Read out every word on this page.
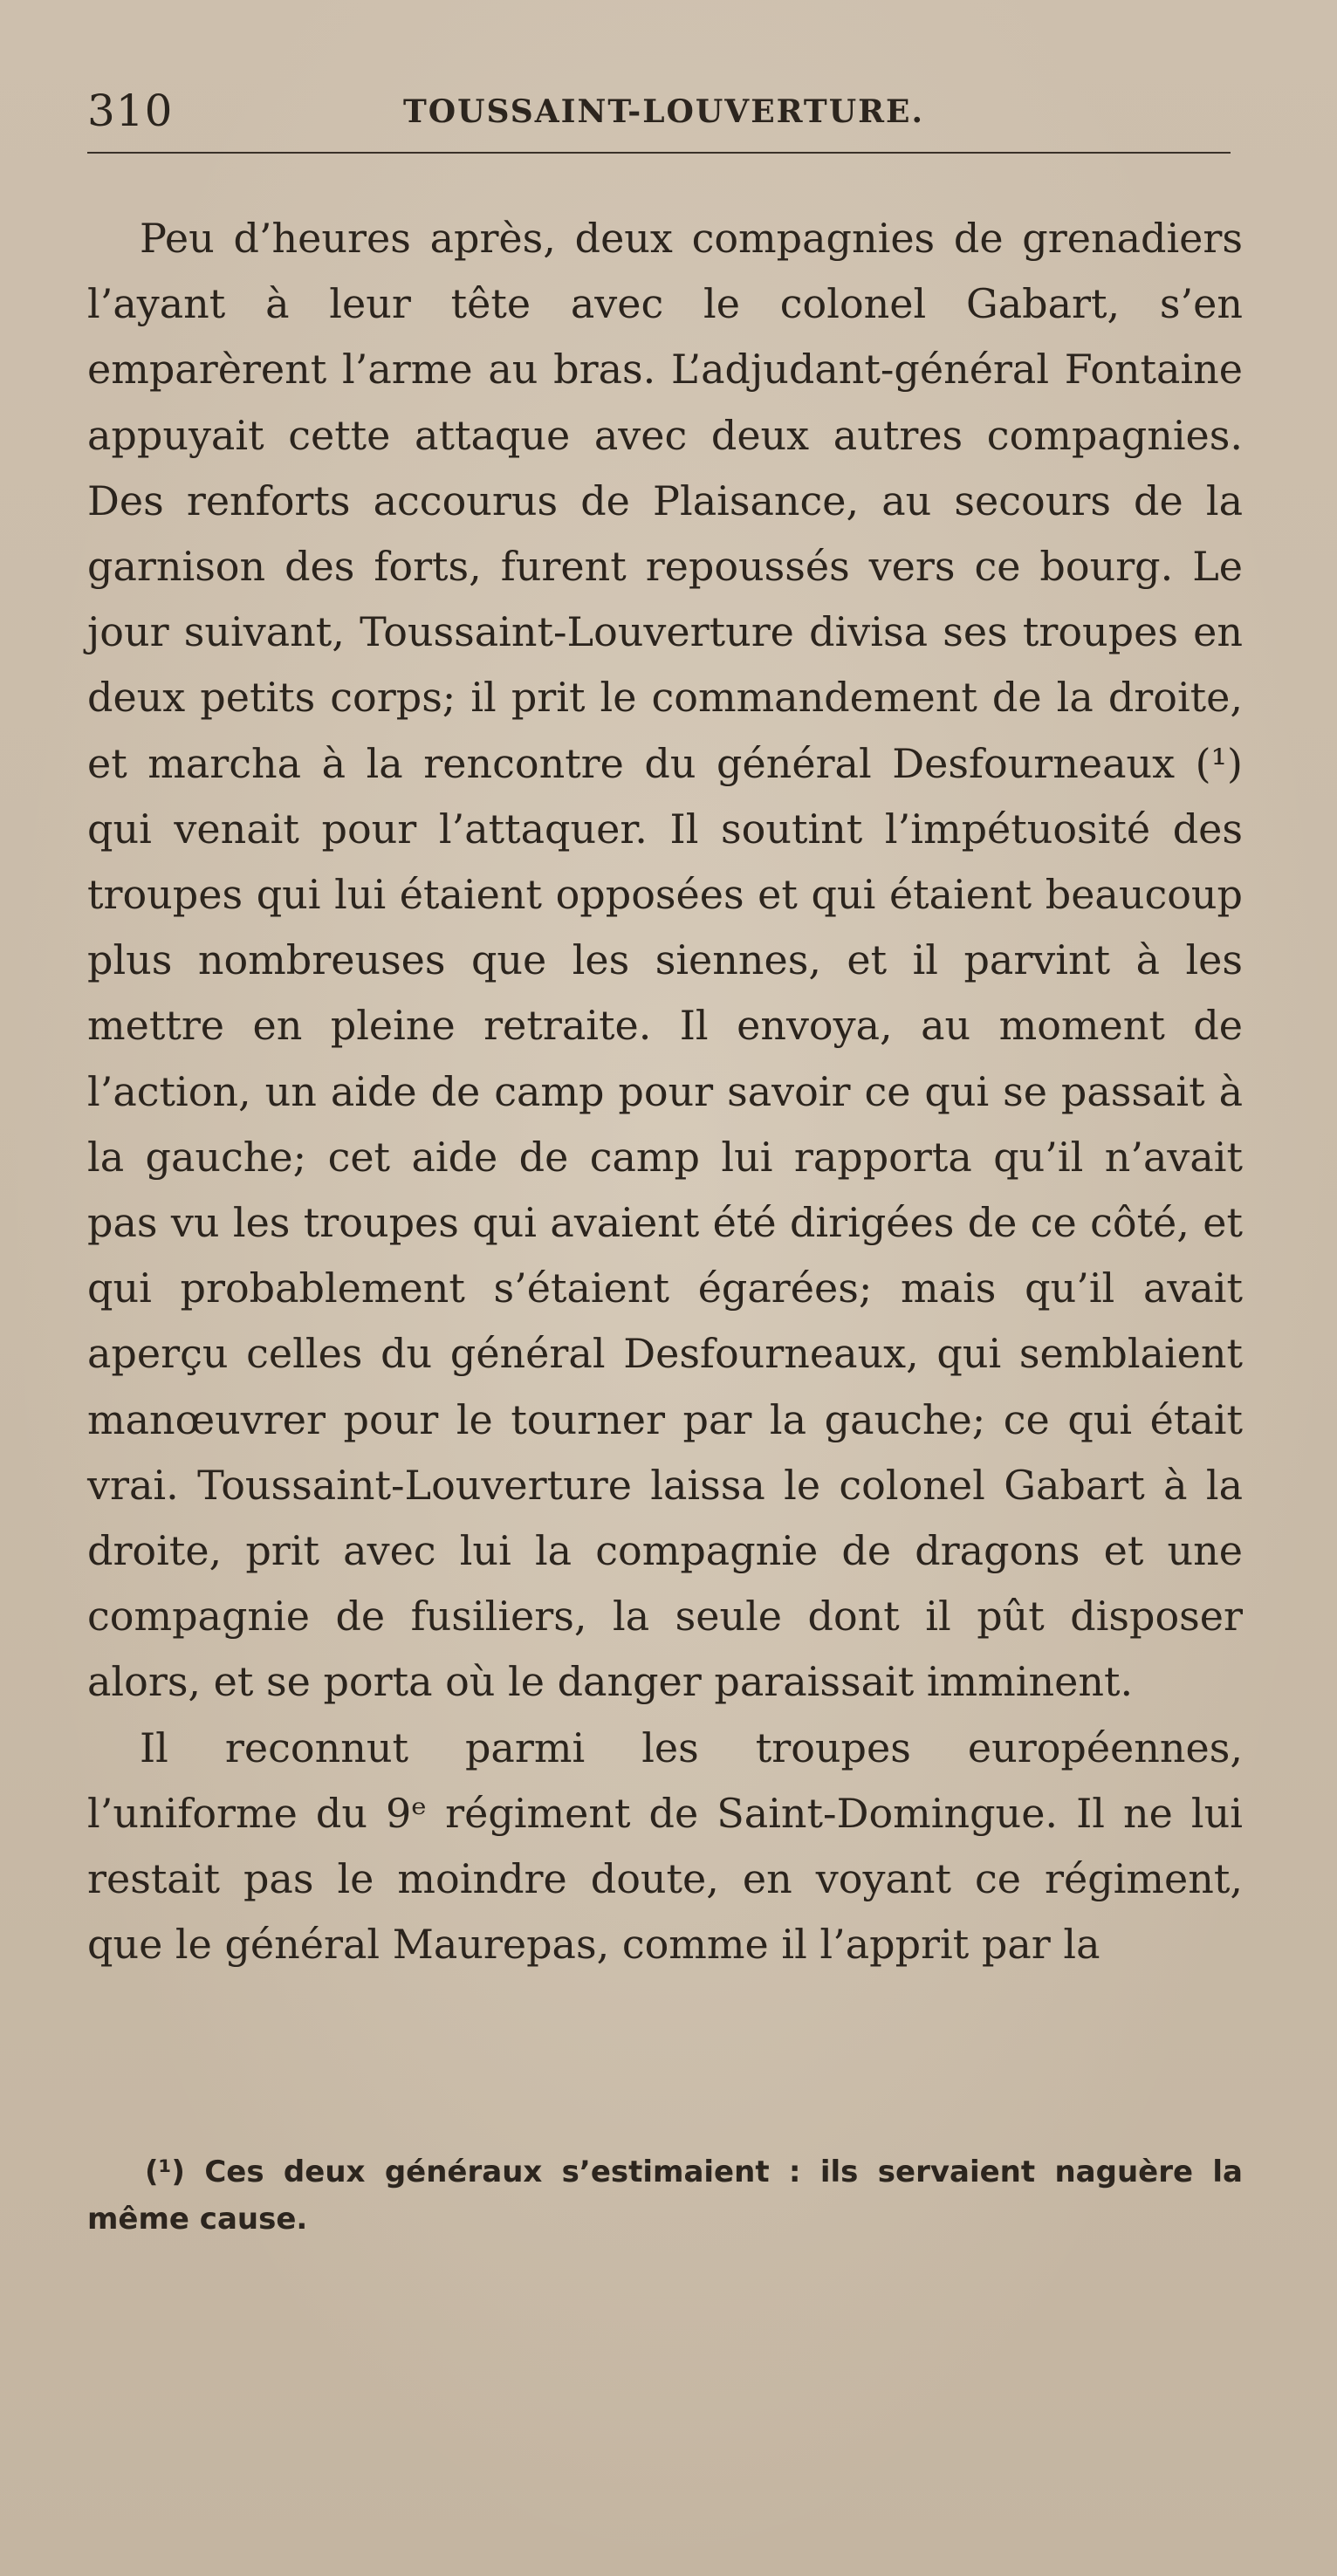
310	TOUSSAINT-LOUVERTURE.

Peu d’heures après, deux compagnies de grenadiers l’ayant à leur tête avec le colonel Gabart, s’en emparèrent l’arme au bras. L’adjudant-général Fontaine appuyait cette attaque avec deux autres compagnies. Des renforts accourus de Plaisance, au secours de la garnison des forts, furent repoussés vers ce bourg. Le jour suivant, Toussaint-Louverture divisa ses troupes en deux petits corps; il prit le commandement de la droite, et marcha à la rencontre du général Desfourneaux (¹) qui venait pour l’attaquer. Il soutint l’impétuosité des troupes qui lui étaient opposées et qui étaient beaucoup plus nombreuses que les siennes, et il parvint à les mettre en pleine retraite. Il envoya, au moment de l’action, un aide de camp pour savoir ce qui se passait à la gauche; cet aide de camp lui rapporta qu’il n’avait pas vu les troupes qui avaient été dirigées de ce côté, et qui probablement s’étaient égarées; mais qu’il avait aperçu celles du général Desfourneaux, qui semblaient manœuvrer pour le tourner par la gauche; ce qui était vrai. Toussaint-Louverture laissa le colonel Gabart à la droite, prit avec lui la compagnie de dragons et une compagnie de fusiliers, la seule dont il pût disposer alors, et se porta où le danger paraissait imminent.

Il reconnut parmi les troupes européennes, l’uniforme du 9ᵉ régiment de Saint-Domingue. Il ne lui restait pas le moindre doute, en voyant ce régiment, que le général Maurepas, comme il l’apprit par la

(¹) Ces deux généraux s’estimaient : ils servaient naguère la même cause.
